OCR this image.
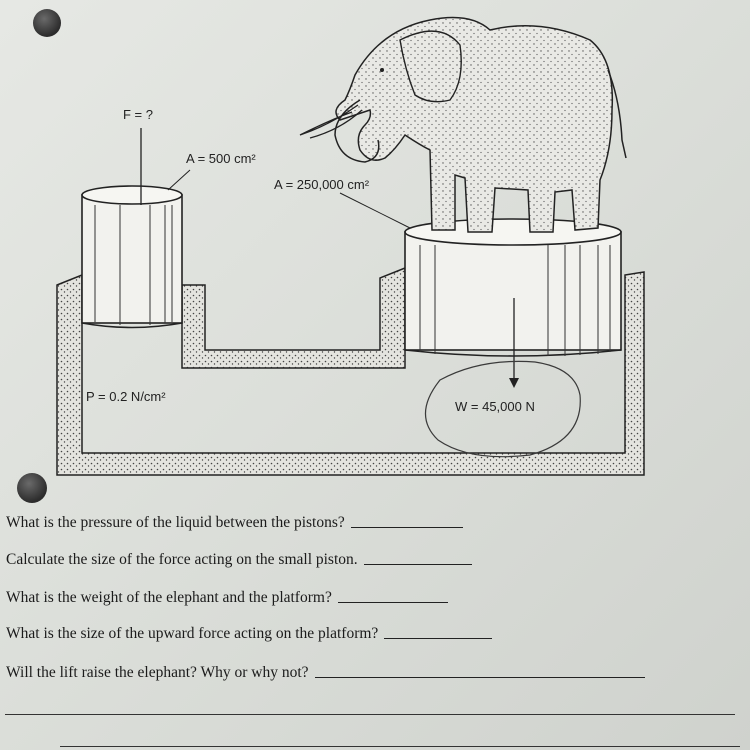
F = ?
A = 500 cm²
A = 250,000 cm²
P = 0.2 N/cm²
W = 45,000 N
What is the pressure of the liquid between the pistons?
Calculate the size of the force acting on the small piston.
What is the weight of the elephant and the platform?
What is the size of the upward force acting on the platform?
Will the lift raise the elephant? Why or why not?
